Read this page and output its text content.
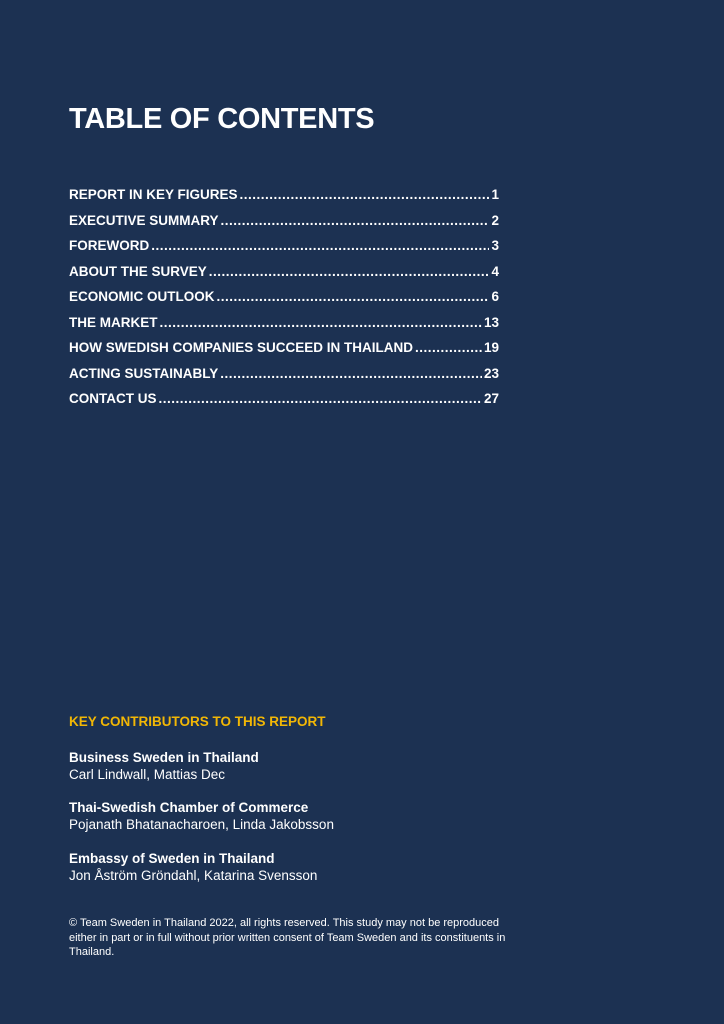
TABLE OF CONTENTS
REPORT IN KEY FIGURES .....	1
EXECUTIVE SUMMARY .....	2
FOREWORD .....	3
ABOUT THE SURVEY .....	4
ECONOMIC OUTLOOK .....	6
THE MARKET .....	13
HOW SWEDISH COMPANIES SUCCEED IN THAILAND .....	19
ACTING SUSTAINABLY .....	23
CONTACT US .....	27
KEY CONTRIBUTORS TO THIS REPORT
Business Sweden in Thailand
Carl Lindwall, Mattias Dec
Thai-Swedish Chamber of Commerce
Pojanath Bhatanacharoen, Linda Jakobsson
Embassy of Sweden in Thailand
Jon Åström Gröndahl, Katarina Svensson

© Team Sweden in Thailand 2022, all rights reserved. This study may not be reproduced either in part or in full without prior written consent of Team Sweden and its constituents in Thailand.
